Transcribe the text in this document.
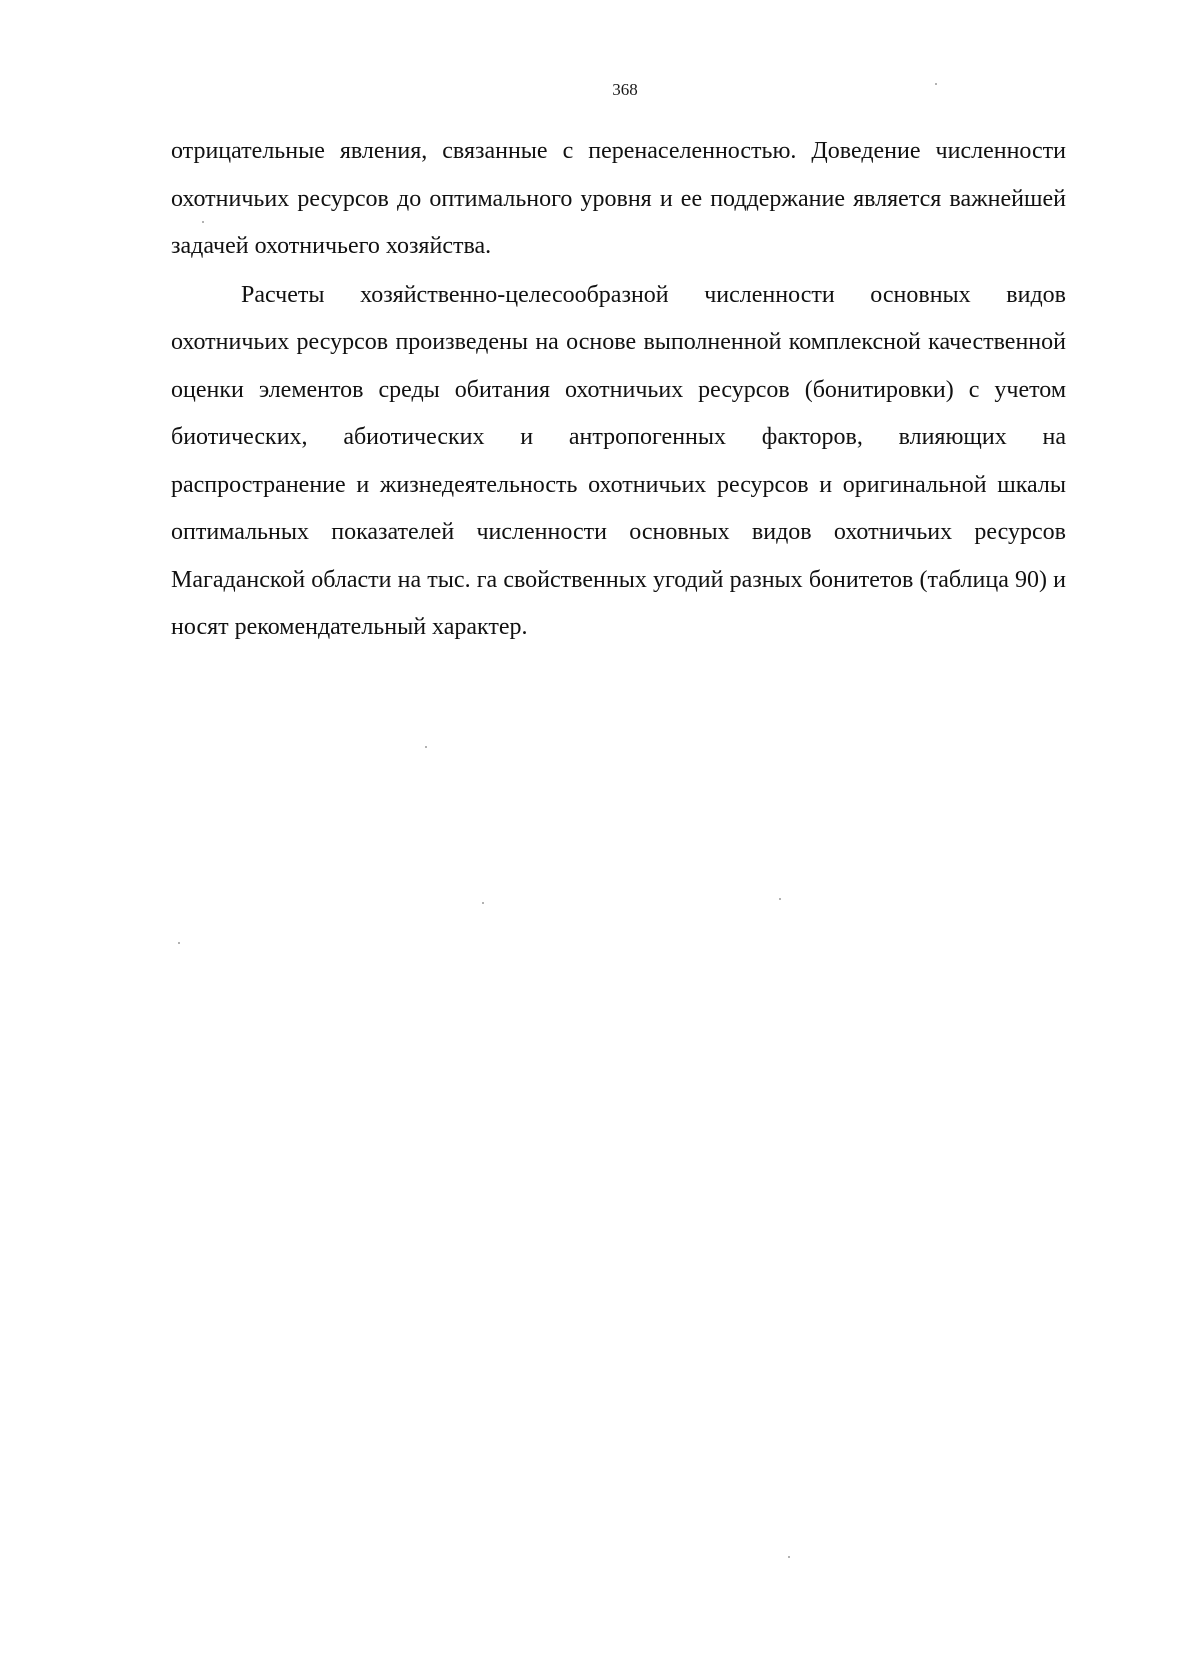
368

отрицательные явления, связанные с перенаселенностью. Доведение численности охотничьих ресурсов до оптимального уровня и ее поддержание является важнейшей задачей охотничьего хозяйства.

Расчеты хозяйственно-целесообразной численности основных видов охотничьих ресурсов произведены на основе выполненной комплексной качественной оценки элементов среды обитания охотничьих ресурсов (бонитировки) с учетом биотических, абиотических и антропогенных факторов, влияющих на распространение и жизнедеятельность охотничьих ресурсов и оригинальной шкалы оптимальных показателей численности основных видов охотничьих ресурсов Магаданской области на тыс. га свойственных угодий разных бонитетов (таблица 90) и носят рекомендательный характер.
